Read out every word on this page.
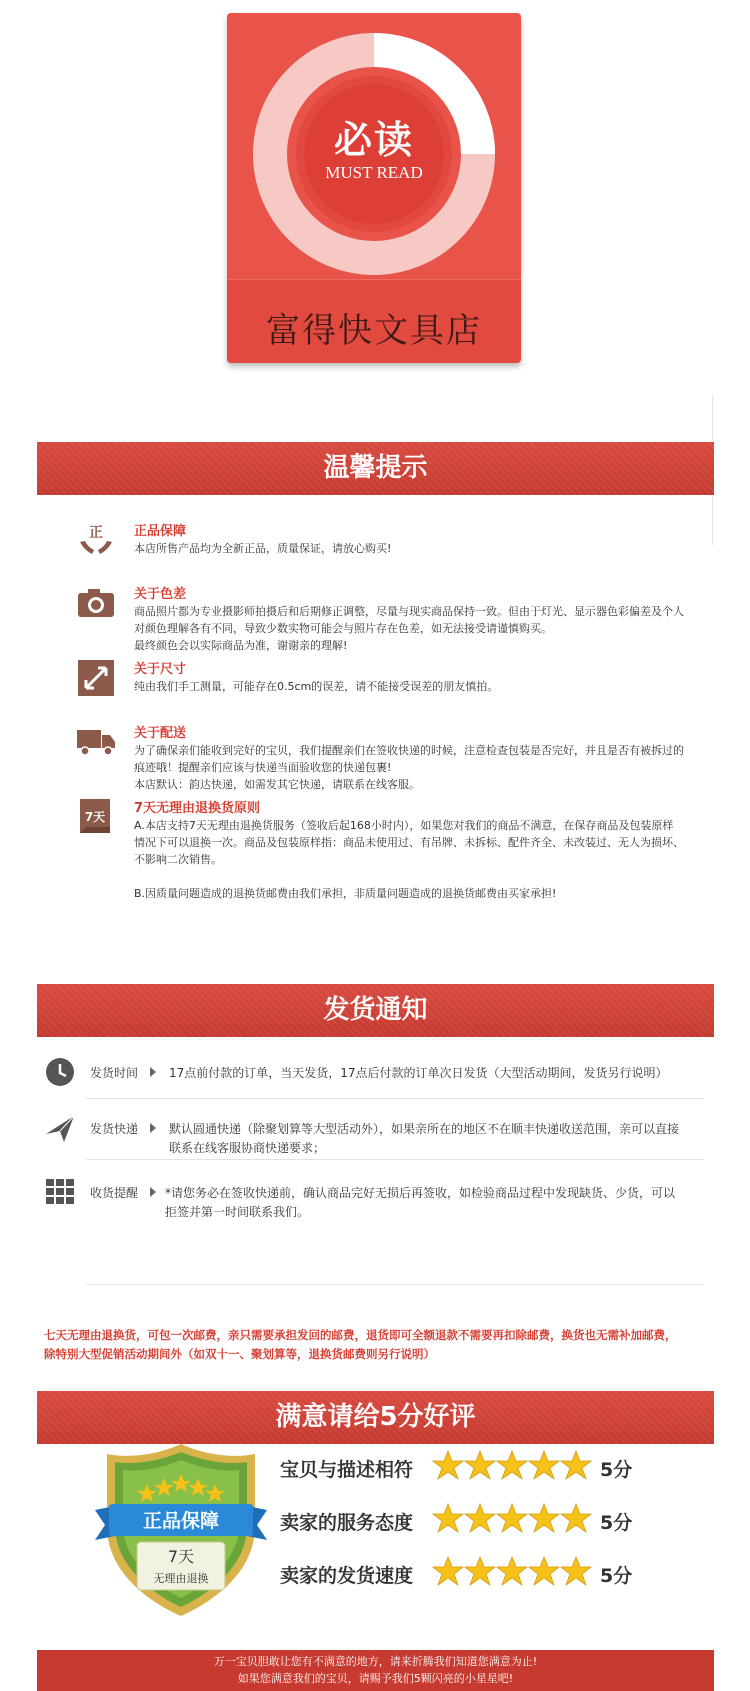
必读
MUST READ
富得快文具店
温馨提示
正 正品保障

本店所售产品均为全新正品，质量保证，请放心购买!

关于色差

商品照片都为专业摄影师拍摄后和后期修正调整，尽量与现实商品保持一致。但由于灯光、显示器色彩偏差及个人

对颜色理解各有不同，导致少数实物可能会与照片存在色差，如无法接受请谨慎购买。

最终颜色会以实际商品为准，谢谢亲的理解!

关于尺寸

纯由我们手工测量，可能存在0.5cm的误差，请不能接受误差的朋友慎拍。

关于配送

为了确保亲们能收到完好的宝贝，我们提醒亲们在签收快递的时候，注意检查包装是否完好，并且是否有被拆过的

痕迹哦！提醒亲们应该与快递当面验收您的快递包裹!

本店默认：韵达快递，如需发其它快递，请联系在线客服。

7天
7天无理由退换货原则

A.本店支持7天无理由退换货服务（签收后起168小时内），如果您对我们的商品不满意，在保存商品及包装原样

情况下可以退换一次。商品及包装原样指：商品未使用过、有吊牌、未拆标、配件齐全、未改装过、无人为损坏、

不影响二次销售。

B.因质量问题造成的退换货邮费由我们承担，非质量问题造成的退换货邮费由买家承担!

发货通知
发货时间	17点前付款的订单，当天发货，17点后付款的订单次日发货（大型活动期间，发货另行说明）

发货快递	默认圆通快递（除聚划算等大型活动外），如果亲所在的地区不在顺丰快递收送范围，亲可以直接

联系在线客服协商快递要求；

收货提醒 *请您务必在签收快递前，确认商品完好无损后再签收，如检验商品过程中发现缺货、少货，可以

拒签并第一时间联系我们。

七天无理由退换货，可包一次邮费，亲只需要承担发回的邮费，退货即可全额退款不需要再扣除邮费，换货也无需补加邮费，

除特别大型促销活动期间外（如双十一、聚划算等，退换货邮费则另行说明）

满意请给5分好评
正品保障
7天
无理由退换
宝贝与描述相符	5分
卖家的服务态度	5分
卖家的发货速度	5分

万一宝贝胆敢让您有不满意的地方，请来折腾我们知道您满意为止!

如果您满意我们的宝贝，请赐予我们5颗闪亮的小星星吧!
